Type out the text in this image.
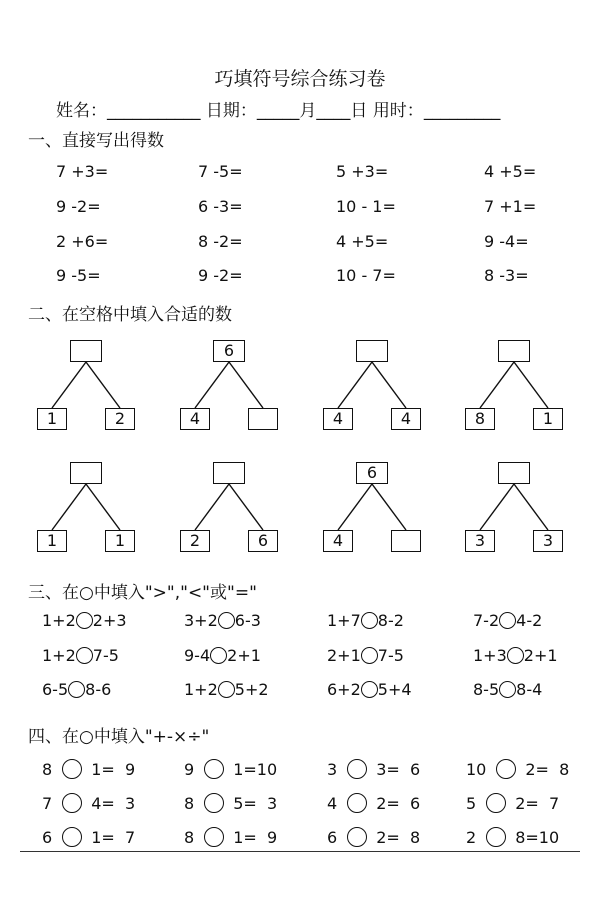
巧填符号综合练习卷
姓名：___________ 日期：_____月____日 用时：_________
一、直接写出得数
7 +3=	7 -5=	5 +3=	4 +5=
9 -2=	6 -3=	10 - 1=	7 +1=
2 +6=	8 -2=	4 +5=	9 -4=
9 -5=	9 -2=	10 - 7=	8 -3=
二、在空格中填入合适的数
1	2
6
4	4	4	8	1
1	1	2	6
6
4	3	3
三、在○中填入">","<"或"="
1+2 2+3	3+2 6-3	1+7 8-2	7-2 4-2
1+2 7-5	9-4 2+1	2+1 7-5	1+3 2+1
6-5 8-6	1+2 5+2	6+2 5+4	8-5 8-4
四、在○中填入"+-×÷"
8 1=  9	9 1=10	3 3=  6	10 2=  8
7 4=  3	8 5=  3	4 2=  6	5 2=  7
6 1=  7	8 1=  9	6 2=  8	2 8=10
